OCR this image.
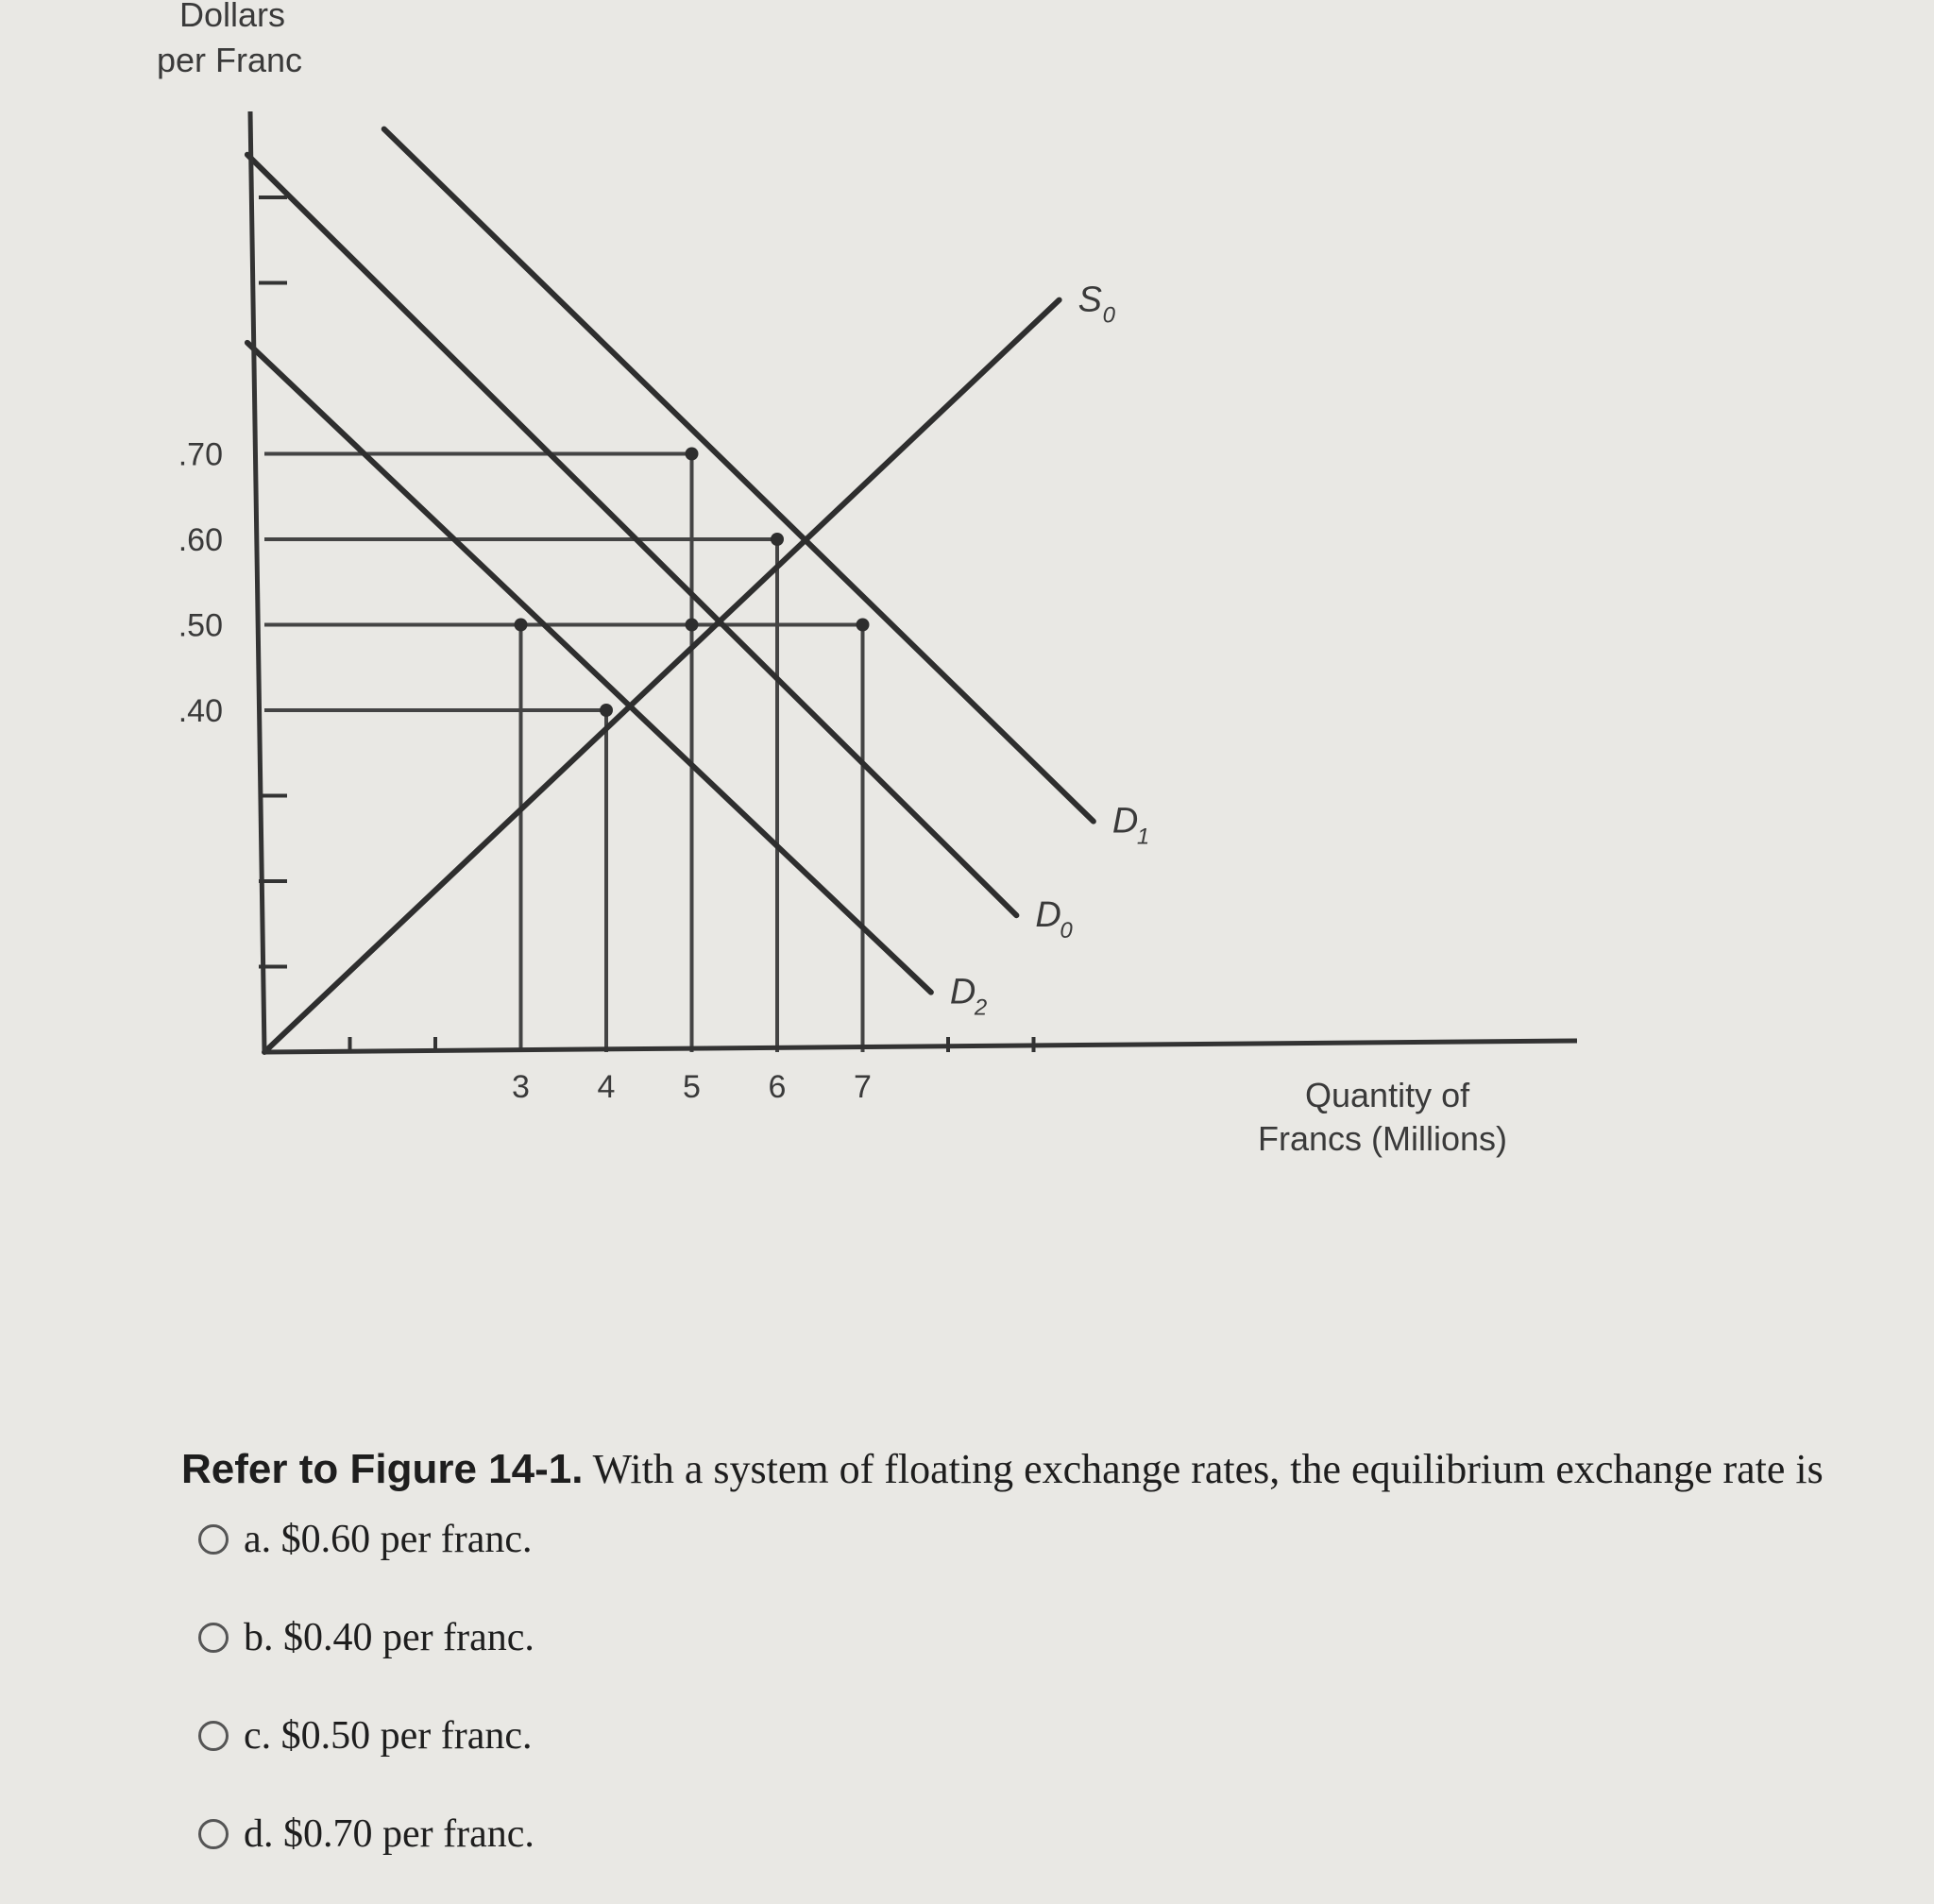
Dollars
per Franc
Quantity of
Francs (Millions)
S 0
D
1
D
0
D
2
.70
.60
.50
.40
3 4 5 6 7
Refer to Figure 14-1. With a system of floating exchange rates, the equilibrium exchange rate is
a. $0.60 per franc.
b. $0.40 per franc.
c. $0.50 per franc.
d. $0.70 per franc.
